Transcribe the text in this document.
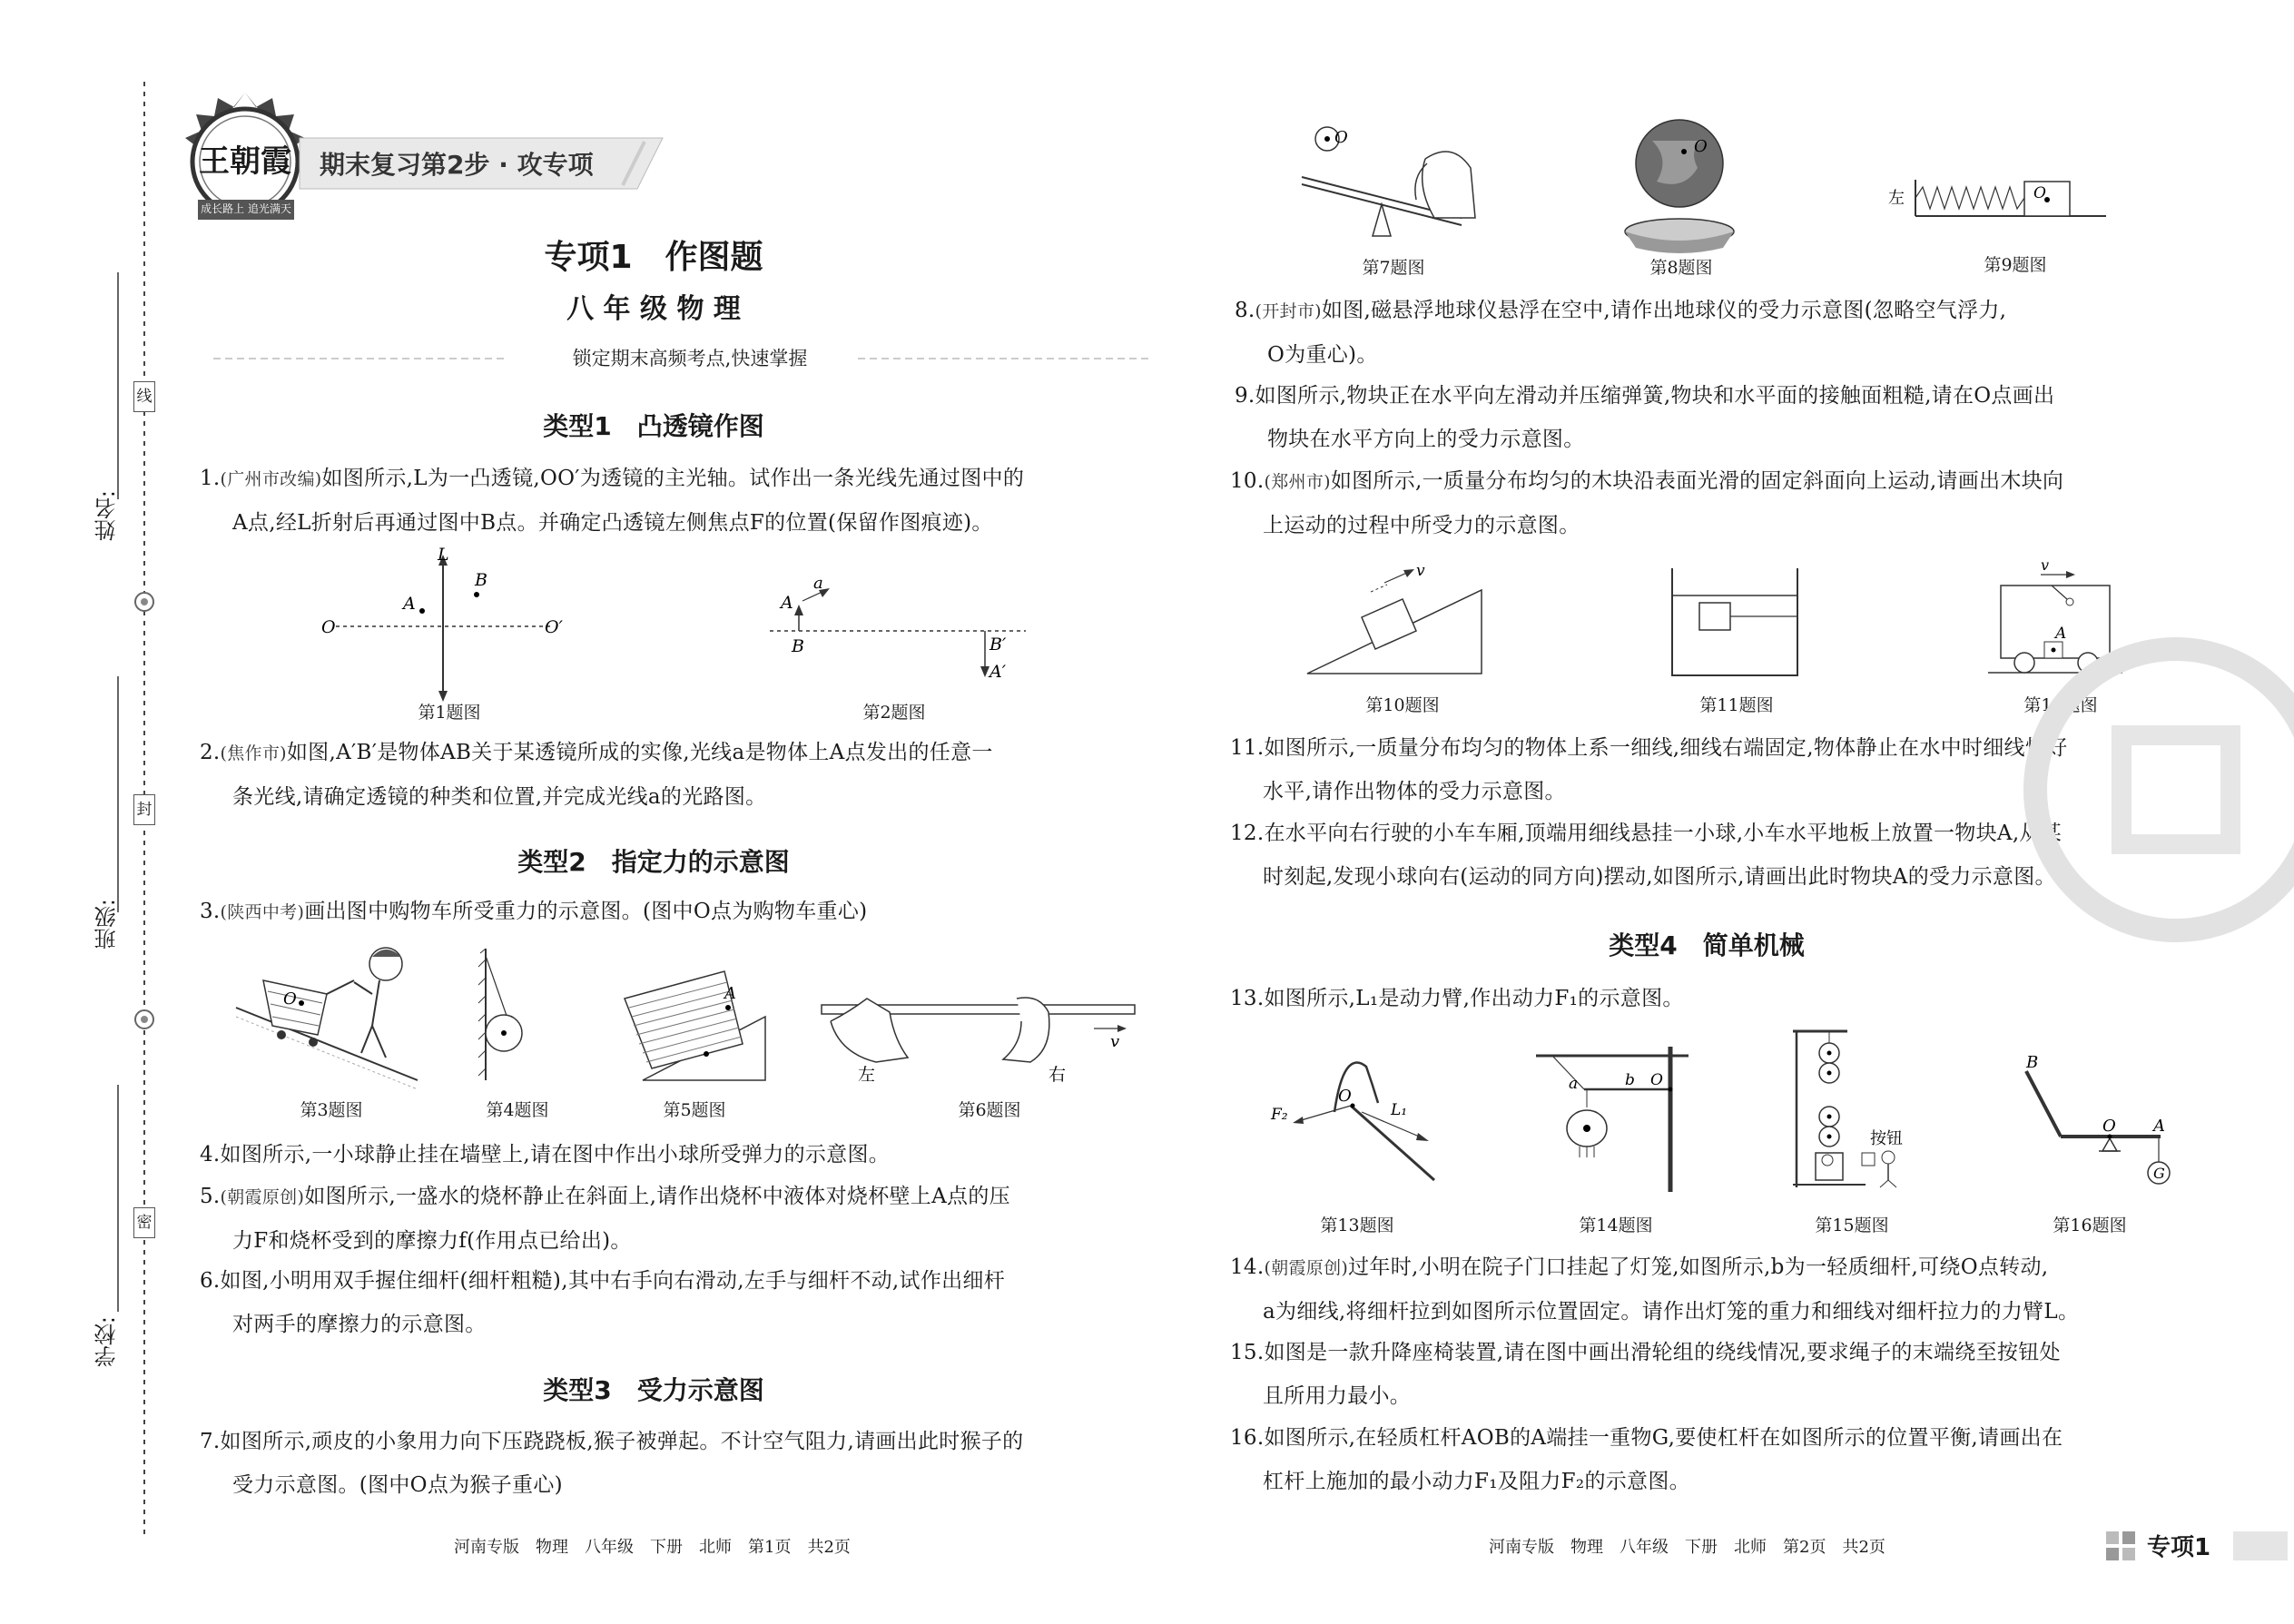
线
封
密
姓名:
班级:
学校:
王朝霞
成长路上 追光满天
期末复习第2步 · 攻专项
专项1　作图题
八 年 级 物 理
锁定期末高频考点,快速掌握
类型1　凸透镜作图
1.(广州市改编)如图所示,L为一凸透镜,OO′为透镜的主光轴。试作出一条光线先通过图中的
A点,经L折射后再通过图中B点。并确定凸透镜左侧焦点F的位置(保留作图痕迹)。
L
B
A
O	O′
第1题图
A
a
B	B′
A′
第2题图
2.(焦作市)如图,A′B′是物体AB关于某透镜所成的实像,光线a是物体上A点发出的任意一
条光线,请确定透镜的种类和位置,并完成光线a的光路图。
类型2　指定力的示意图
3.(陕西中考)画出图中购物车所受重力的示意图。(图中O点为购物车重心)
O
第3题图	第4题图
A
第5题图
v
左	右
第6题图
4.如图所示,一小球静止挂在墙壁上,请在图中作出小球所受弹力的示意图。
5.(朝霞原创)如图所示,一盛水的烧杯静止在斜面上,请作出烧杯中液体对烧杯壁上A点的压
力F和烧杯受到的摩擦力f(作用点已给出)。
6.如图,小明用双手握住细杆(细杆粗糙),其中右手向右滑动,左手与细杆不动,试作出细杆
对两手的摩擦力的示意图。
类型3　受力示意图
7.如图所示,顽皮的小象用力向下压跷跷板,猴子被弹起。不计空气阻力,请画出此时猴子的
受力示意图。(图中O点为猴子重心)
河南专版　物理　八年级　下册　北师　第1页　共2页
O
第7题图
O
第8题图
左	O
第9题图
8.(开封市)如图,磁悬浮地球仪悬浮在空中,请作出地球仪的受力示意图(忽略空气浮力,
O为重心)。
9.如图所示,物块正在水平向左滑动并压缩弹簧,物块和水平面的接触面粗糙,请在O点画出
物块在水平方向上的受力示意图。
10.(郑州市)如图所示,一质量分布均匀的木块沿表面光滑的固定斜面向上运动,请画出木块向
上运动的过程中所受力的示意图。
v
第10题图	第11题图
v
A
第12题图
11.如图所示,一质量分布均匀的物体上系一细线,细线右端固定,物体静止在水中时细线恰好
水平,请作出物体的受力示意图。
12.在水平向右行驶的小车车厢,顶端用细线悬挂一小球,小车水平地板上放置一物块A,从某
时刻起,发现小球向右(运动的同方向)摆动,如图所示,请画出此时物块A的受力示意图。
类型4　简单机械
13.如图所示,L₁是动力臂,作出动力F₁的示意图。
O
F₂	L₁
第13题图
a	b O
第14题图
按钮
第15题图
B
O A
G
第16题图
14.(朝霞原创)过年时,小明在院子门口挂起了灯笼,如图所示,b为一轻质细杆,可绕O点转动,
a为细线,将细杆拉到如图所示位置固定。请作出灯笼的重力和细线对细杆拉力的力臂L。
15.如图是一款升降座椅装置,请在图中画出滑轮组的绕线情况,要求绳子的末端绕至按钮处
且所用力最小。
16.如图所示,在轻质杠杆AOB的A端挂一重物G,要使杠杆在如图所示的位置平衡,请画出在
杠杆上施加的最小动力F₁及阻力F₂的示意图。
河南专版　物理　八年级　下册　北师　第2页　共2页	专项1
